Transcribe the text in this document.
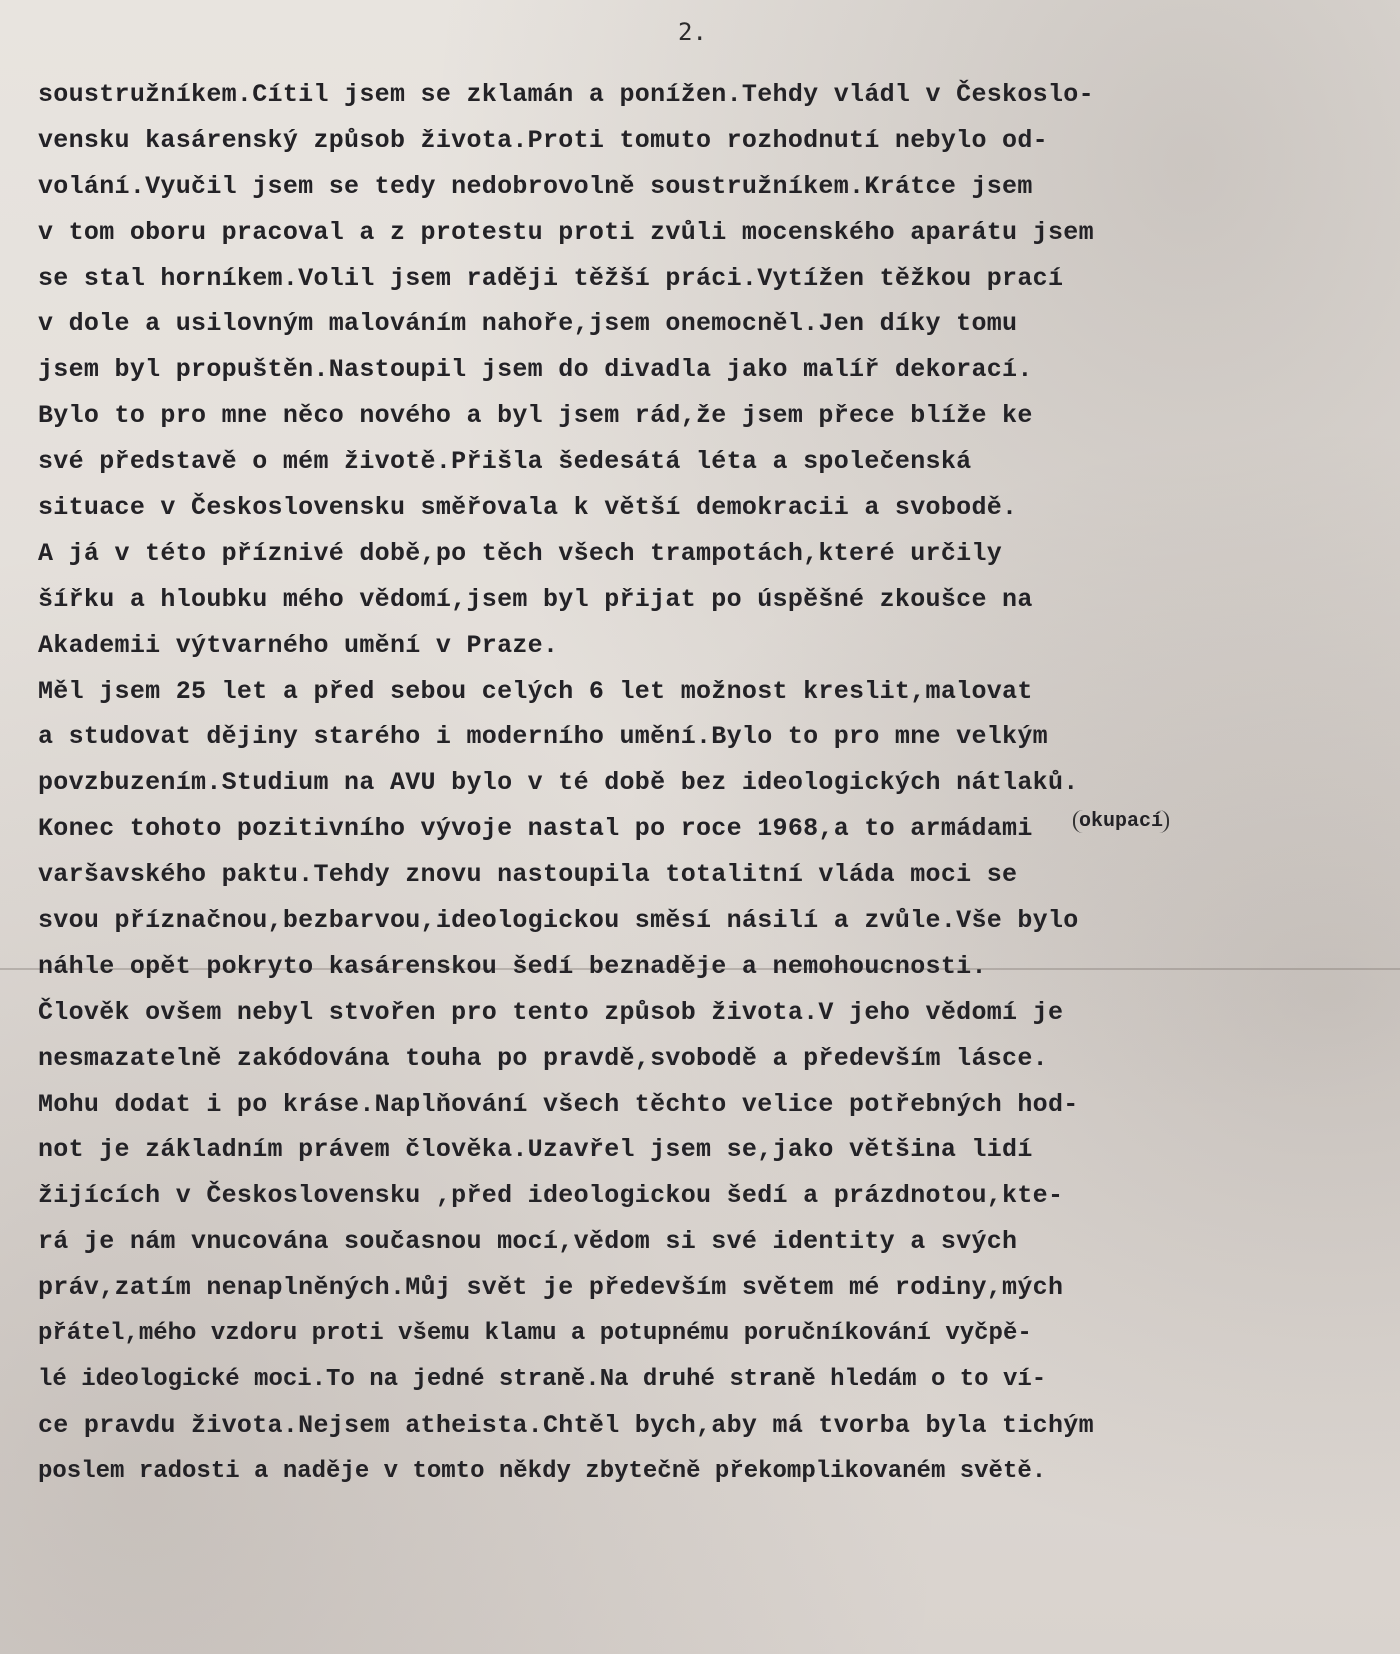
2.
soustružníkem.Cítil jsem se zklamán a ponížen.Tehdy vládl v Českoslo-
vensku kasárenský způsob života.Proti tomuto rozhodnutí nebylo od-
volání.Vyučil jsem se tedy nedobrovolně soustružníkem.Krátce jsem
v tom oboru pracoval a z protestu proti zvůli mocenského aparátu jsem
se stal horníkem.Volil jsem raději těžší práci.Vytížen těžkou prací
v dole a usilovným malováním nahoře,jsem onemocněl.Jen díky tomu
jsem byl propuštěn.Nastoupil jsem do divadla jako malíř dekorací.
Bylo to pro mne něco nového a byl jsem rád,že jsem přece blíže ke
své představě o mém životě.Přišla šedesátá léta a společenská
situace v Československu směřovala k větší demokracii a svobodě.
A já v této příznivé době,po těch všech trampotách,které určily
šířku a hloubku mého vědomí,jsem byl přijat po úspěšné zkoušce na
Akademii výtvarného umění v Praze.
Měl jsem 25 let a před sebou celých 6 let možnost kreslit,malovat
a studovat dějiny starého i moderního umění.Bylo to pro mne velkým
povzbuzením.Studium na AVU bylo v té době bez ideologických nátlaků.
Konec tohoto pozitivního vývoje nastal po roce 1968,a to armádami
varšavského paktu.Tehdy znovu nastoupila totalitní vláda moci se
svou příznačnou,bezbarvou,ideologickou směsí násilí a zvůle.Vše bylo
náhle opět pokryto kasárenskou šedí beznaděje a nemohoucnosti.
Člověk ovšem nebyl stvořen pro tento způsob života.V jeho vědomí je
nesmazatelně zakódována touha po pravdě,svobodě a především lásce.
Mohu dodat i po kráse.Naplňování všech těchto velice potřebných hod-
not je základním právem člověka.Uzavřel jsem se,jako většina lidí
žijících v Československu ,před ideologickou šedí a prázdnotou,kte-
rá je nám vnucována současnou mocí,vědom si své identity a svých
práv,zatím nenaplněných.Můj svět je především světem mé rodiny,mých
přátel,mého vzdoru proti všemu klamu a potupnému poručníkování vyčpě-
lé ideologické moci.To na jedné straně.Na druhé straně hledám o to ví-
ce pravdu života.Nejsem atheista.Chtěl bych,aby má tvorba byla tichým
poslem radosti a naděje v tomto někdy zbytečně překomplikovaném světě.
okupací
